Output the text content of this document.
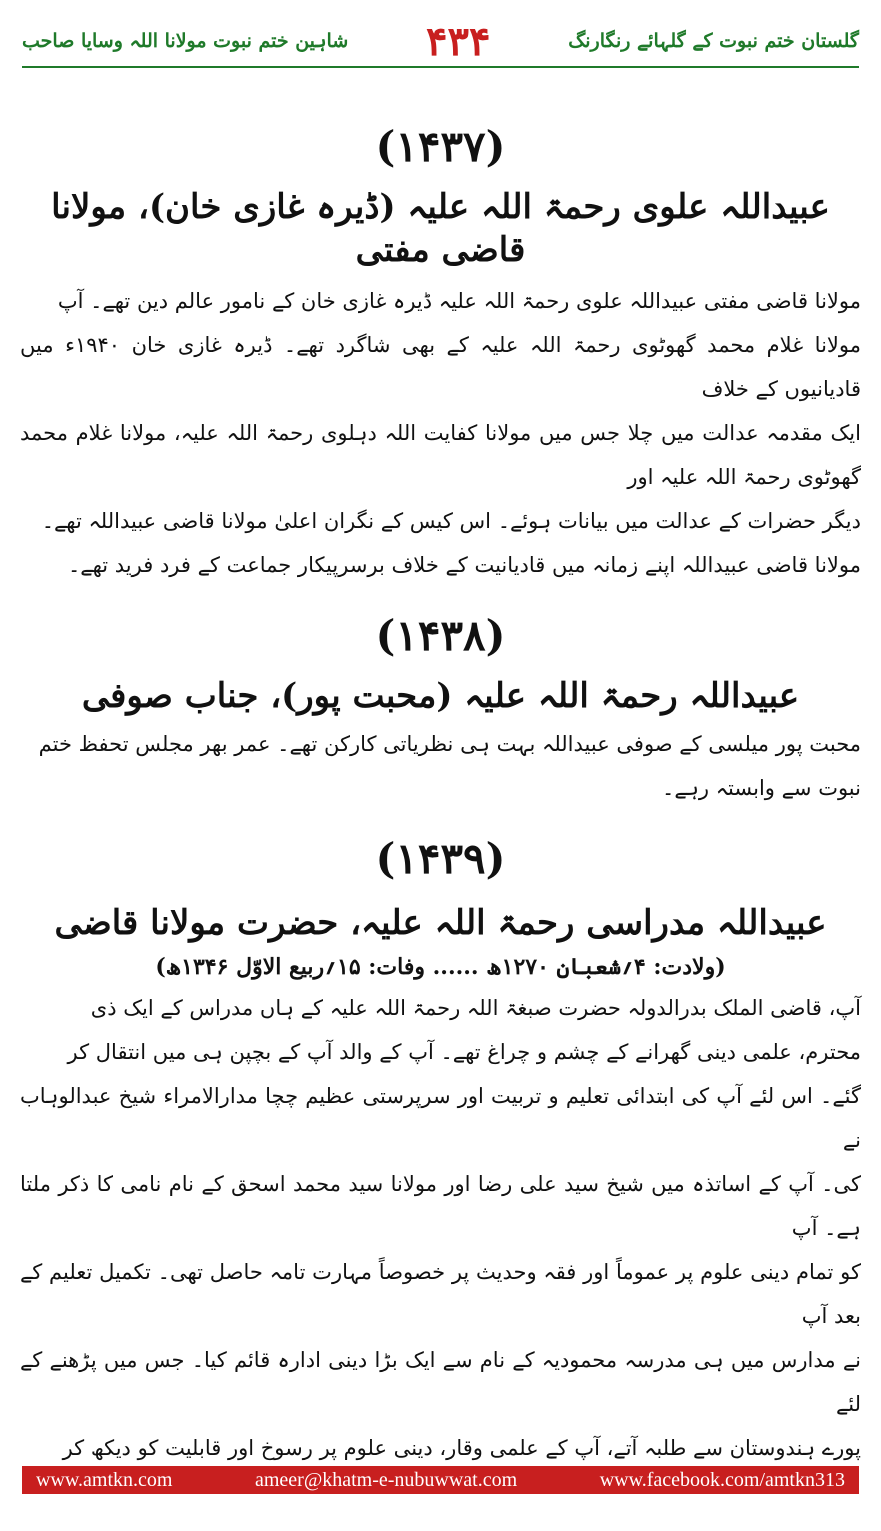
شاہین ختم نبوت مولانا اللہ وسایا صاحب ۴۳۴	گلستان ختم نبوت کے گلہائے رنگارنگ
(۱۴۳۷)
عبیداللہ علوی رحمۃ اللہ علیہ (ڈیرہ غازی خان)، مولانا قاضی مفتی

مولانا قاضی مفتی عبیداللہ علوی رحمۃ اللہ علیہ ڈیرہ غازی خان کے نامور عالم دین تھے۔ آپ

مولانا غلام محمد گھوٹوی رحمۃ اللہ علیہ کے بھی شاگرد تھے۔ ڈیرہ غازی خان ۱۹۴۰ء میں قادیانیوں کے خلاف

ایک مقدمہ عدالت میں چلا جس میں مولانا کفایت اللہ دہلوی رحمۃ اللہ علیہ، مولانا غلام محمد گھوٹوی رحمۃ اللہ علیہ اور

دیگر حضرات کے عدالت میں بیانات ہوئے۔ اس کیس کے نگران اعلیٰ مولانا قاضی عبیداللہ تھے۔

مولانا قاضی عبیداللہ اپنے زمانہ میں قادیانیت کے خلاف برسرپیکار جماعت کے فرد فرید تھے۔

(۱۴۳۸)
عبیداللہ رحمۃ اللہ علیہ (محبت پور)، جناب صوفی

محبت پور میلسی کے صوفی عبیداللہ بہت ہی نظریاتی کارکن تھے۔ عمر بھر مجلس تحفظ ختم

نبوت سے وابستہ رہے۔

(۱۴۳۹)
عبیداللہ مدراسی رحمۃ اللہ علیہ، حضرت مولانا قاضی
(ولادت: ۴؍شعبان ۱۲۷۰ھ ...... وفات: ۱۵؍ربیع الاوّل ۱۳۴۶ھ)

آپ، قاضی الملک بدرالدولہ حضرت صبغۃ اللہ رحمۃ اللہ علیہ کے ہاں مدراس کے ایک ذی

محترم، علمی دینی گھرانے کے چشم و چراغ تھے۔ آپ کے والد آپ کے بچپن ہی میں انتقال کر

گئے۔ اس لئے آپ کی ابتدائی تعلیم و تربیت اور سرپرستی عظیم چچا مدارالامراء شیخ عبدالوہاب نے

کی۔ آپ کے اساتذہ میں شیخ سید علی رضا اور مولانا سید محمد اسحق کے نام نامی کا ذکر ملتا ہے۔ آپ

کو تمام دینی علوم پر عموماً اور فقہ وحدیث پر خصوصاً مہارت تامہ حاصل تھی۔ تکمیل تعلیم کے بعد آپ

نے مدارس میں ہی مدرسہ محمودیہ کے نام سے ایک بڑا دینی ادارہ قائم کیا۔ جس میں پڑھنے کے لئے

پورے ہندوستان سے طلبہ آتے، آپ کے علمی وقار، دینی علوم پر رسوخ اور قابلیت کو دیکھ کر

www.amtkn.com	ameer@khatm-e-nubuwwat.com	www.facebook.com/amtkn313
